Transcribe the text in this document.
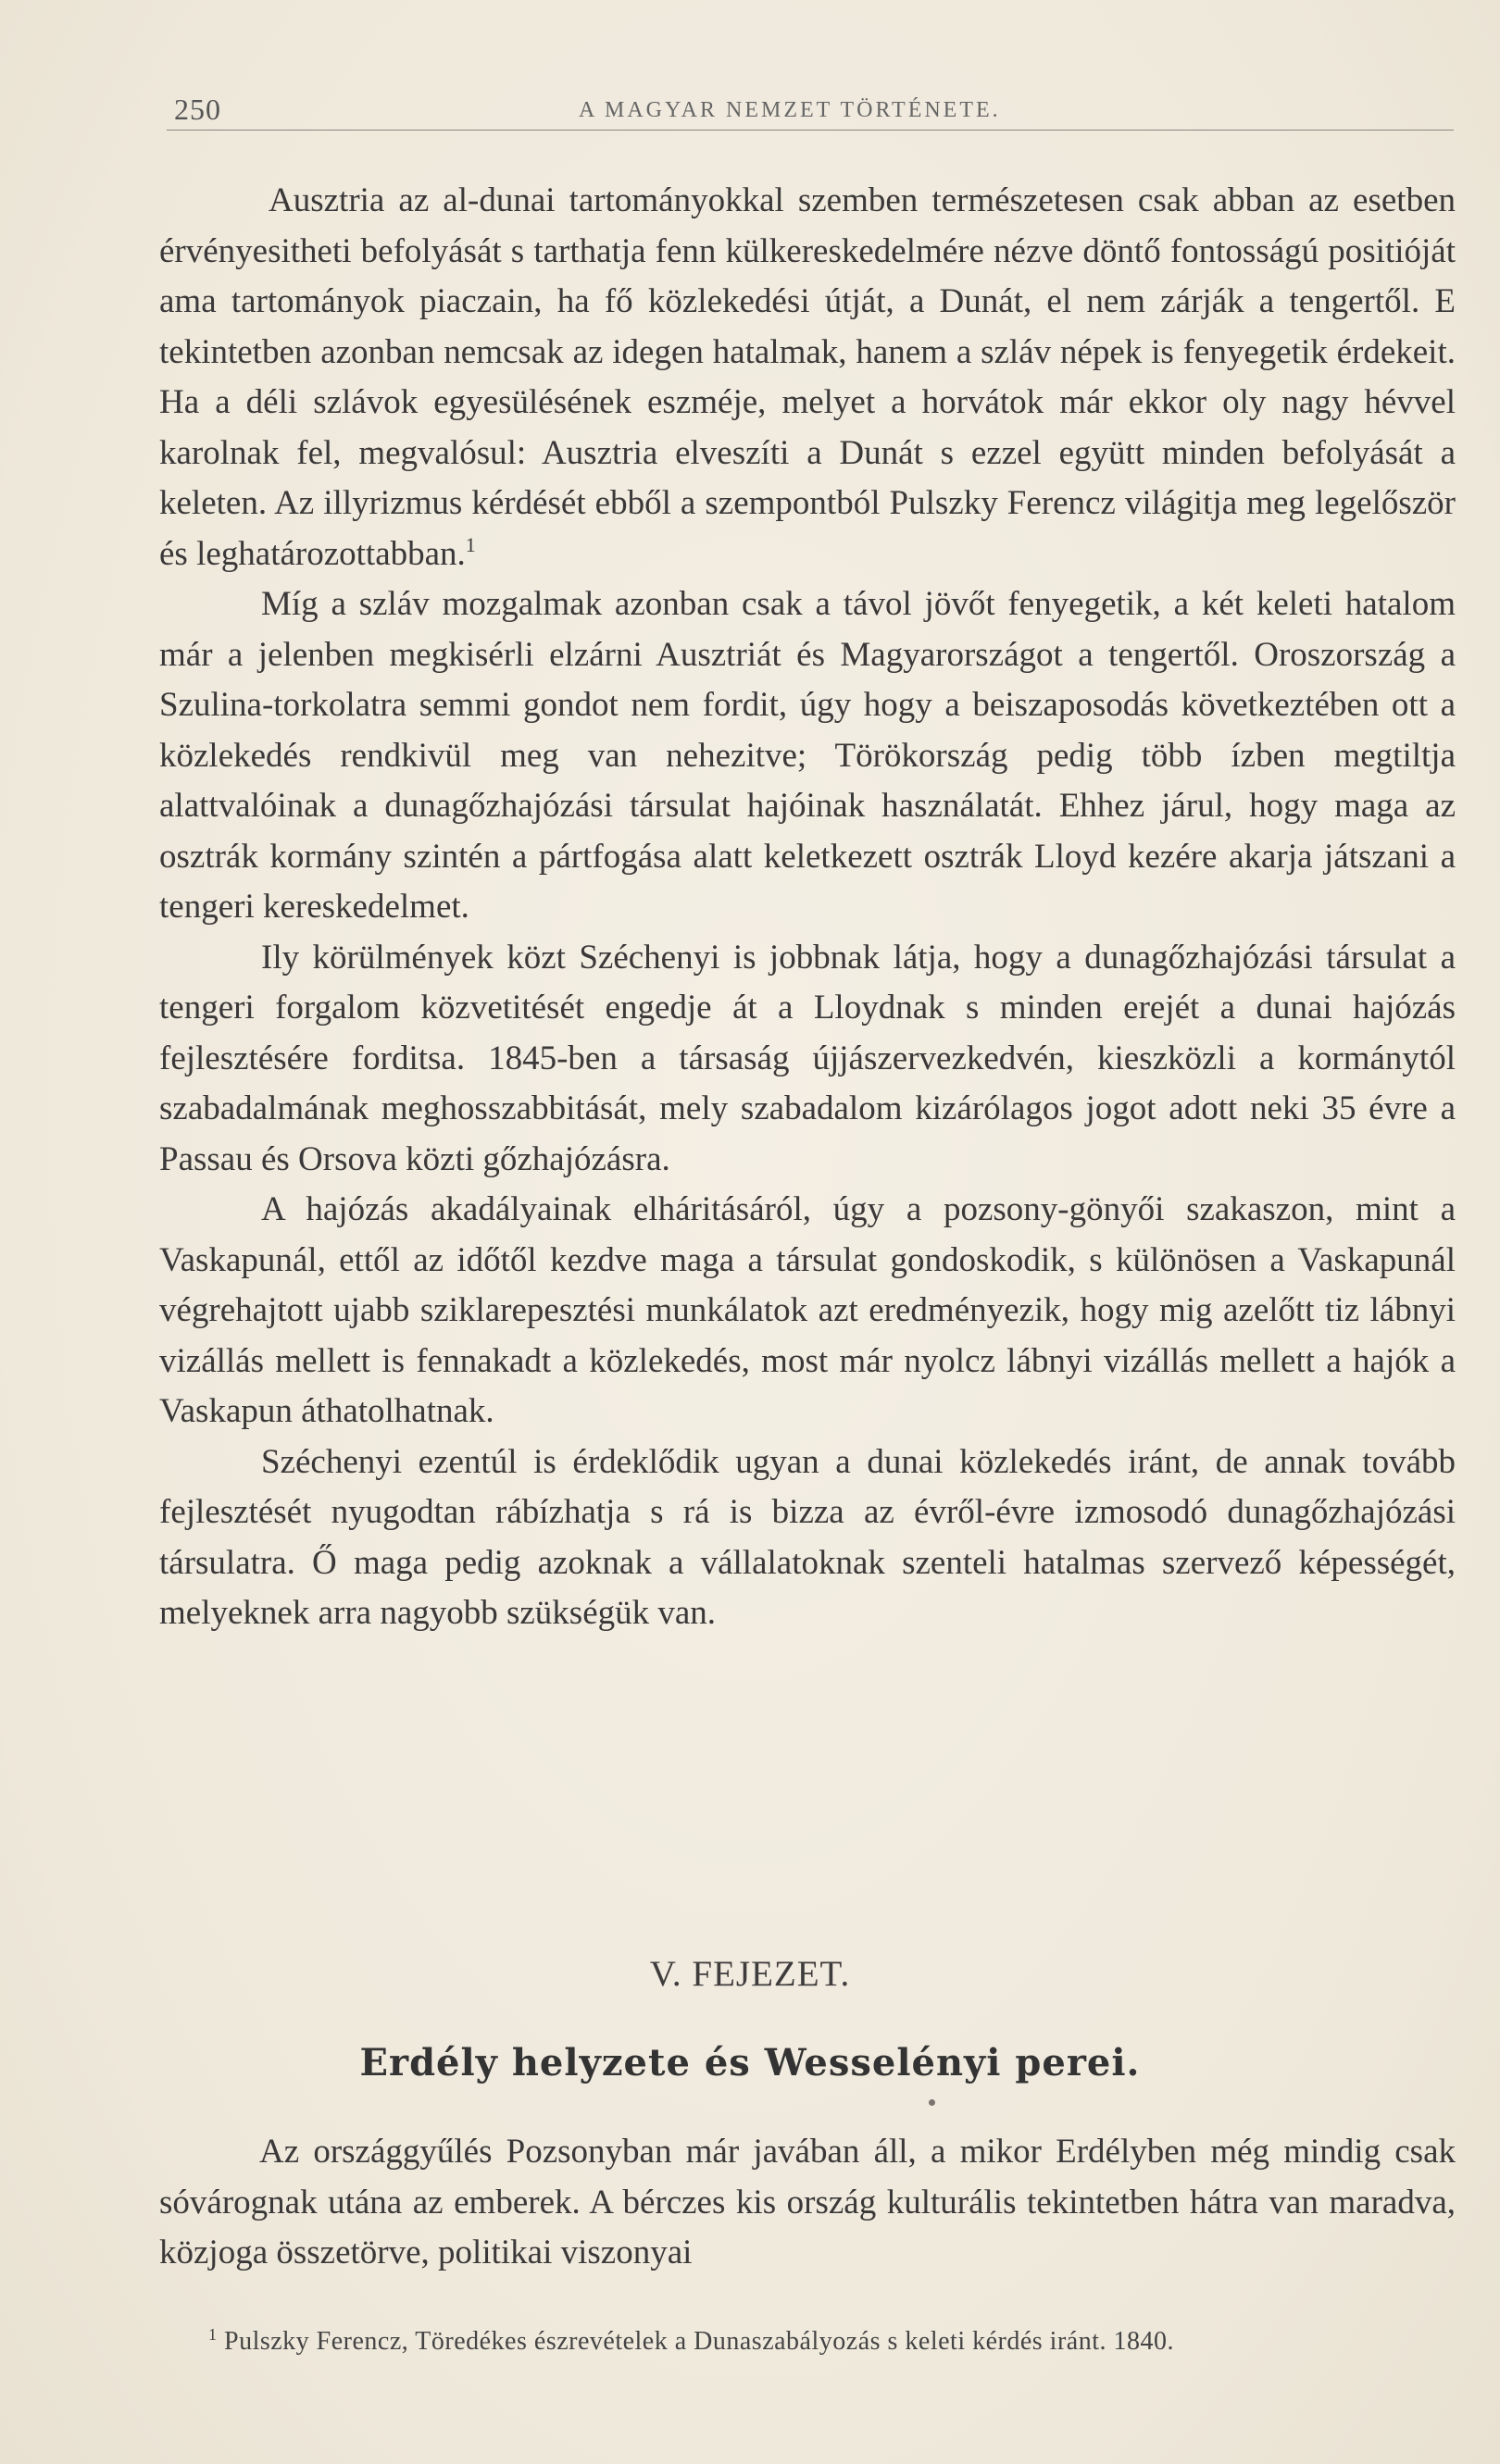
250	A MAGYAR NEMZET TÖRTÉNETE.

Ausztria az al-dunai tartományokkal szemben természetesen csak abban az esetben érvényesitheti befolyását s tarthatja fenn külkereskedelmére nézve döntő fontosságú positióját ama tartományok piaczain, ha fő közlekedési útját, a Dunát, el nem zárják a tengertől. E tekintetben azonban nemcsak az idegen hatalmak, hanem a szláv népek is fenyegetik érdekeit. Ha a déli szlávok egyesülésének eszméje, melyet a horvátok már ekkor oly nagy hévvel karolnak fel, megvalósul: Ausztria elveszíti a Dunát s ezzel együtt minden befolyását a keleten. Az illyrizmus kérdését ebből a szempontból Pulszky Ferencz világitja meg legelőször és leghatározottabban.$^1$

Míg a szláv mozgalmak azonban csak a távol jövőt fenyegetik, a két keleti hatalom már a jelenben megkisérli elzárni Ausztriát és Magyarországot a tengertől. Oroszország a Szulina-torkolatra semmi gondot nem fordit, úgy hogy a beiszaposodás következtében ott a közlekedés rendkivül meg van nehezitve; Törökország pedig több ízben megtiltja alattvalóinak a dunagőzhajózási társulat hajóinak használatát. Ehhez járul, hogy maga az osztrák kormány szintén a pártfogása alatt keletkezett osztrák Lloyd kezére akarja játszani a tengeri kereskedelmet.

Ily körülmények közt Széchenyi is jobbnak látja, hogy a dunagőzhajózási társulat a tengeri forgalom közvetitését engedje át a Lloydnak s minden erejét a dunai hajózás fejlesztésére forditsa. 1845-ben a társaság újjászervezkedvén, kieszközli a kormánytól szabadalmának meghosszabbitását, mely szabadalom kizárólagos jogot adott neki 35 évre a Passau és Orsova közti gőzhajózásra.

A hajózás akadályainak elháritásáról, úgy a pozsony-gönyői szakaszon, mint a Vaskapunál, ettől az időtől kezdve maga a társulat gondoskodik, s különösen a Vaskapunál végrehajtott ujabb sziklarepesztési munkálatok azt eredményezik, hogy mig azelőtt tiz lábnyi vizállás mellett is fennakadt a közlekedés, most már nyolcz lábnyi vizállás mellett a hajók a Vaskapun áthatolhatnak.

Széchenyi ezentúl is érdeklődik ugyan a dunai közlekedés iránt, de annak tovább fejlesztését nyugodtan rábízhatja s rá is bizza az évről-évre izmosodó dunagőzhajózási társulatra. Ő maga pedig azoknak a vállalatoknak szenteli hatalmas szervező képességét, melyeknek arra nagyobb szükségük van.

V. FEJEZET.
Erdély helyzete és Wesselényi perei.

Az országgyűlés Pozsonyban már javában áll, a mikor Erdélyben még mindig csak sóvárognak utána az emberek. A bérczes kis ország kulturális tekintetben hátra van maradva, közjoga összetörve, politikai viszonyai

$^1$ Pulszky Ferencz, Töredékes észrevételek a Dunaszabályozás s keleti kérdés iránt. 1840.
